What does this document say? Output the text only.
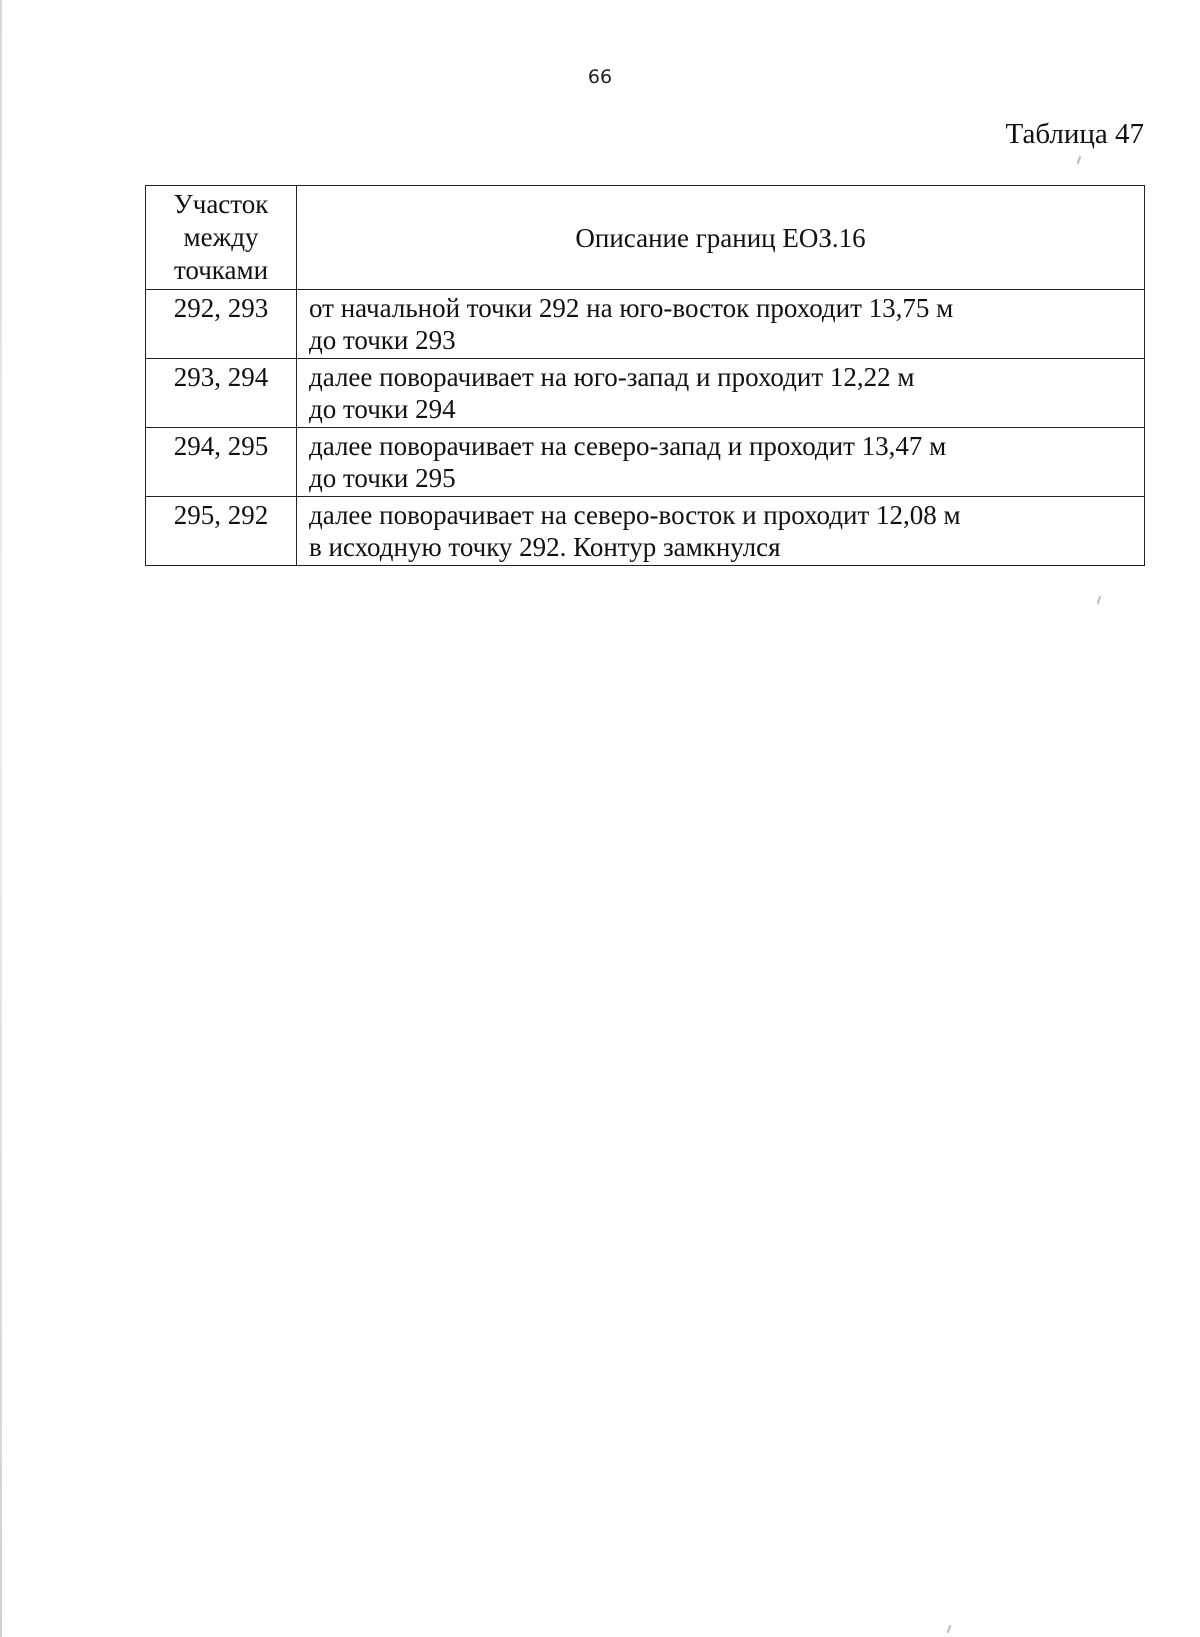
66
Таблица 47
Участок между точками	Описание границ ЕОЗ.16
292, 293	от начальной точки 292 на юго-восток проходит 13,75 м
до точки 293
293, 294	далее поворачивает на юго-запад и проходит 12,22 м
до точки 294
294, 295	далее поворачивает на северо-запад и проходит 13,47 м
до точки 295
295, 292	далее поворачивает на северо-восток и проходит 12,08 м
в исходную точку 292. Контур замкнулся
